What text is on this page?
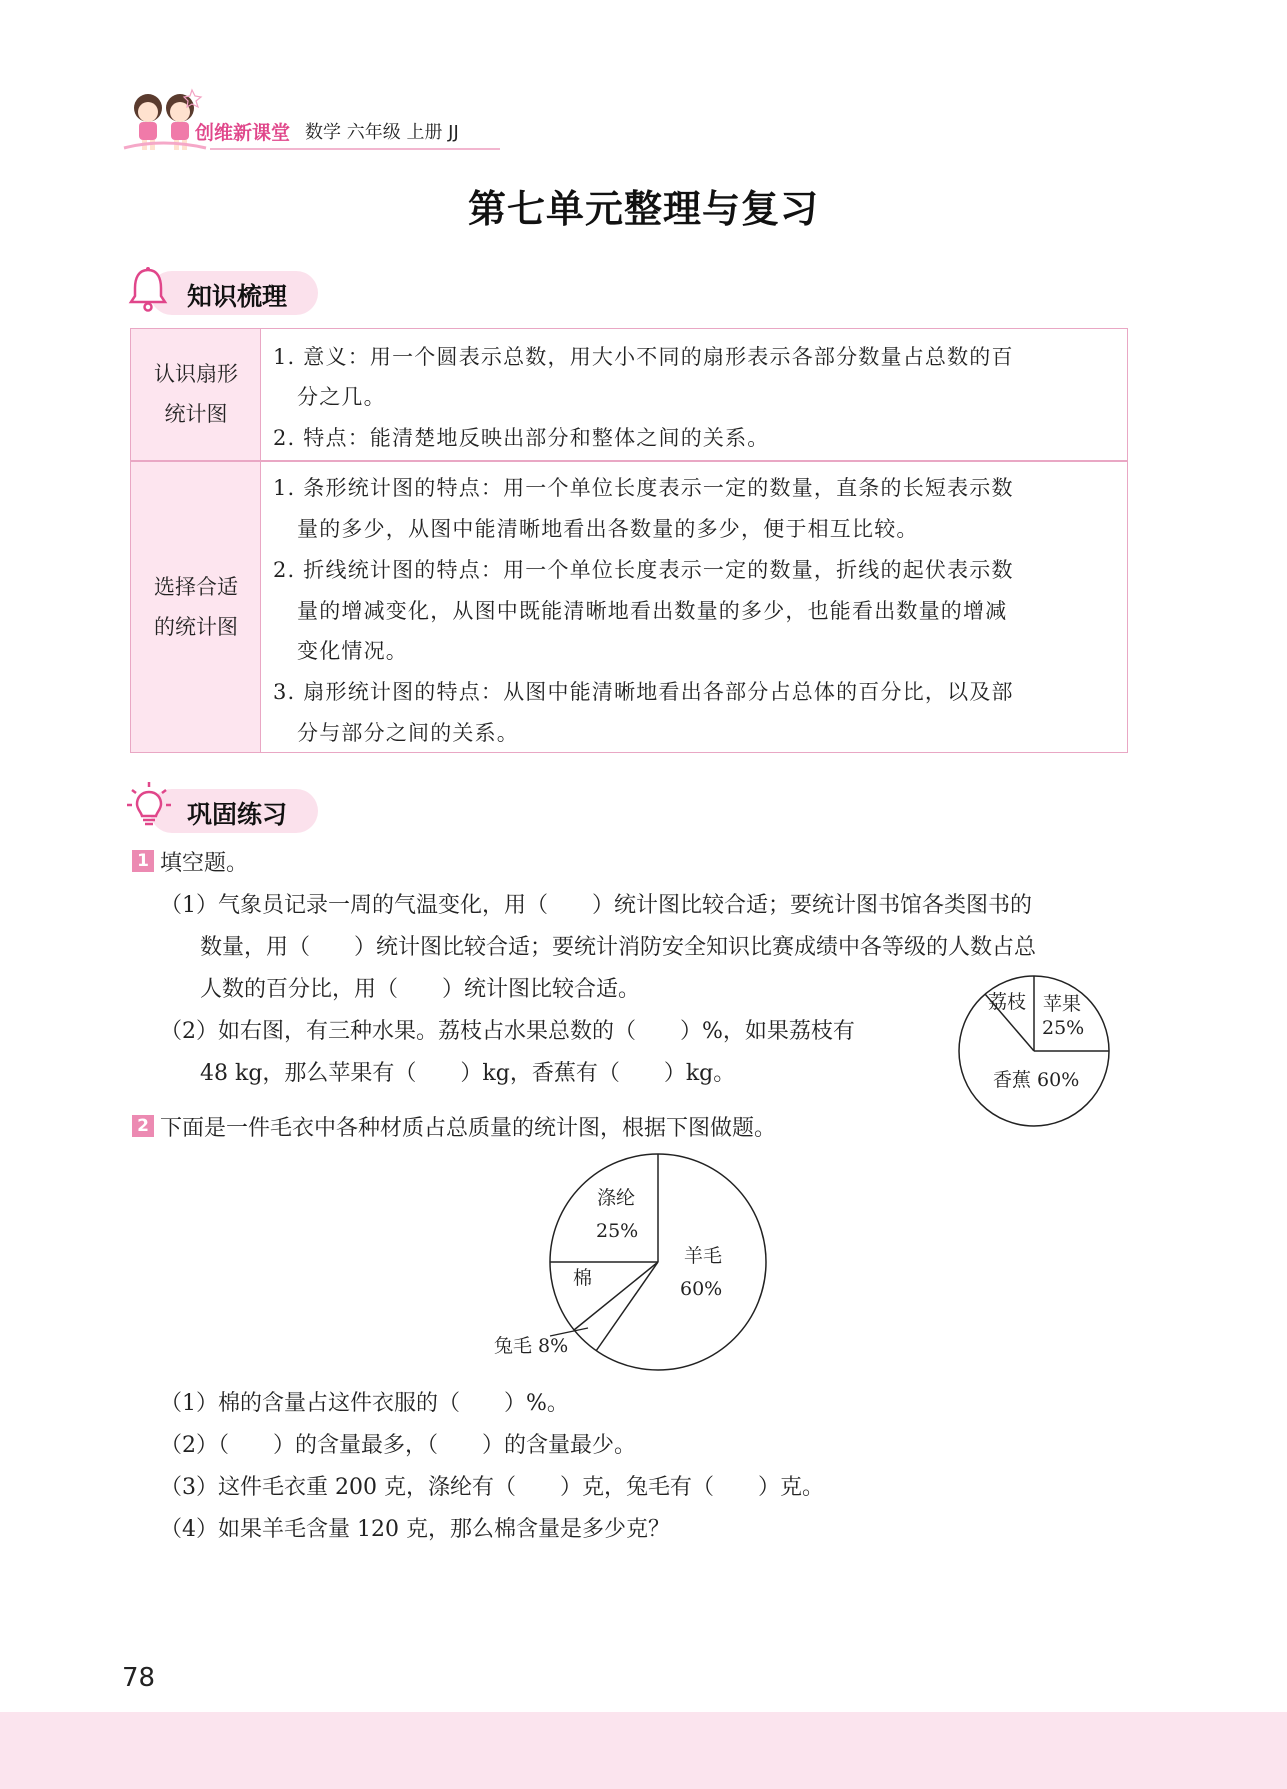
创维新课堂 数学 六年级 上册 JJ
第七单元整理与复习
知识梳理
认识扇形
统计图
1. 意义：用一个圆表示总数，用大小不同的扇形表示各部分数量占总数的百
分之几。
2. 特点：能清楚地反映出部分和整体之间的关系。
选择合适
的统计图
1. 条形统计图的特点：用一个单位长度表示一定的数量，直条的长短表示数
量的多少，从图中能清晰地看出各数量的多少，便于相互比较。
2. 折线统计图的特点：用一个单位长度表示一定的数量，折线的起伏表示数
量的增减变化，从图中既能清晰地看出数量的多少，也能看出数量的增减
变化情况。
3. 扇形统计图的特点：从图中能清晰地看出各部分占总体的百分比，以及部
分与部分之间的关系。
巩固练习
1 填空题。
（1）气象员记录一周的气温变化，用（　　）统计图比较合适；要统计图书馆各类图书的
数量，用（　　）统计图比较合适；要统计消防安全知识比赛成绩中各等级的人数占总
人数的百分比，用（　　）统计图比较合适。
（2）如右图，有三种水果。荔枝占水果总数的（　　）%，如果荔枝有
48 kg，那么苹果有（　　）kg，香蕉有（　　）kg。
荔枝 苹果
25%
香蕉 60%
2 下面是一件毛衣中各种材质占总质量的统计图，根据下图做题。
涤纶
25%
羊毛
60%
棉
兔毛 8%
（1）棉的含量占这件衣服的（　　）%。
（2）（　　）的含量最多，（　　）的含量最少。
（3）这件毛衣重 200 克，涤纶有（　　）克，兔毛有（　　）克。
（4）如果羊毛含量 120 克，那么棉含量是多少克？
78
